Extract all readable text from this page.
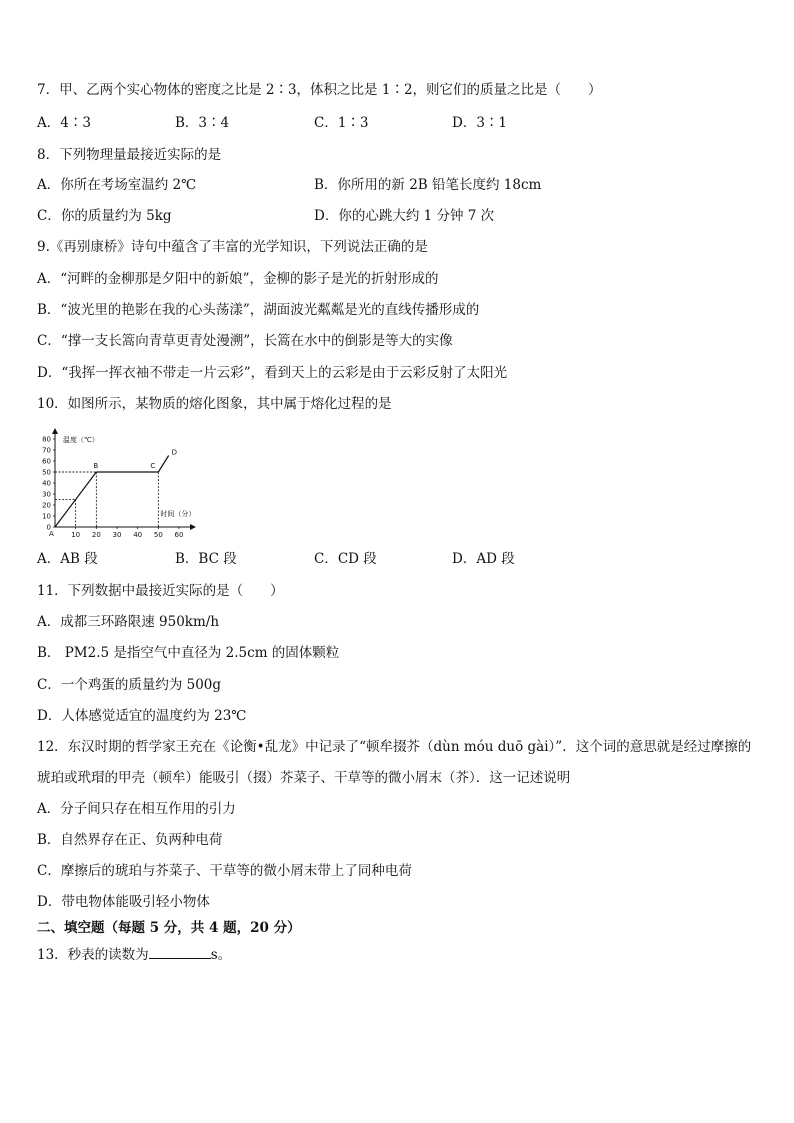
7．甲、乙两个实心物体的密度之比是 2∶3，体积之比是 1∶2，则它们的质量之比是（　　）
A．4∶3	B．3∶4	C．1∶3	D．3∶1
8．下列物理量最接近实际的是
A．你所在考场室温约 2℃	B．你所用的新 2B 铅笔长度约 18cm
C．你的质量约为 5kg	D．你的心跳大约 1 分钟 7 次
9.《再别康桥》诗句中蕴含了丰富的光学知识，下列说法正确的是
A．“河畔的金柳那是夕阳中的新娘”，金柳的影子是光的折射形成的
B．“波光里的艳影在我的心头荡漾”，湖面波光粼粼是光的直线传播形成的
C．“撑一支长篙向青草更青处漫溯”，长篙在水中的倒影是等大的实像
D．“我挥一挥衣袖不带走一片云彩”，看到天上的云彩是由于云彩反射了太阳光
10．如图所示，某物质的熔化图象，其中属于熔化过程的是
0
10
20
30
40
50
60
70
80
10 20 30 40 50 60
温度（℃）
时间（分）
A
B	C
D
A．AB 段	B．BC 段	C．CD 段	D．AD 段
11．下列数据中最接近实际的是（　　）
A．成都三环路限速 950km/h
B． PM2.5 是指空气中直径为 2.5cm 的固体颗粒
C．一个鸡蛋的质量约为 500g
D．人体感觉适宜的温度约为 23℃
12．东汉时期的哲学家王充在《论衡•乱龙》中记录了“顿牟掇芥（dùn móu duō gài）”．这个词的意思就是经过摩擦的
琥珀或玳瑁的甲壳（顿牟）能吸引（掇）芥菜子、干草等的微小屑末（芥）．这一记述说明
A．分子间只存在相互作用的引力
B．自然界存在正、负两种电荷
C．摩擦后的琥珀与芥菜子、干草等的微小屑末带上了同种电荷
D．带电物体能吸引轻小物体
二、填空题（每题 5 分，共 4 题，20 分）
13．秒表的读数为	s。
